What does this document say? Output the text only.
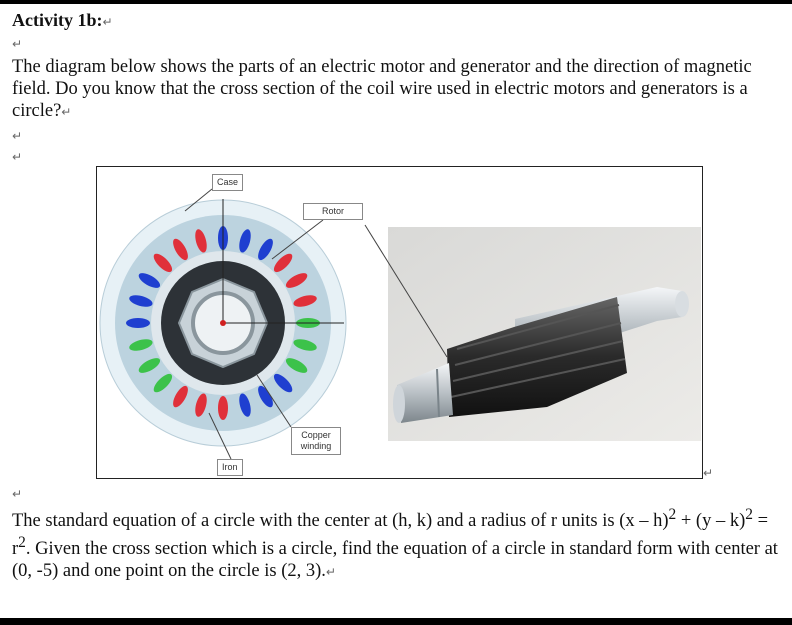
Activity 1b:↵
↵

The diagram below shows the parts of an electric motor and generator and the direction of magnetic field. Do you know that the cross section of the coil wire used in electric motors and generators is a circle?↵

↵
↵
Case
Rotor
Copper winding
Iron	↵
↵

The standard equation of a circle with the center at (h, k) and a radius of r units is $(x - h)^2 + (y - k)^2 = r^2$. Given the cross section which is a circle, find the equation of a circle in standard form with center at (0, -5) and one point on the circle is (2, 3).↵
